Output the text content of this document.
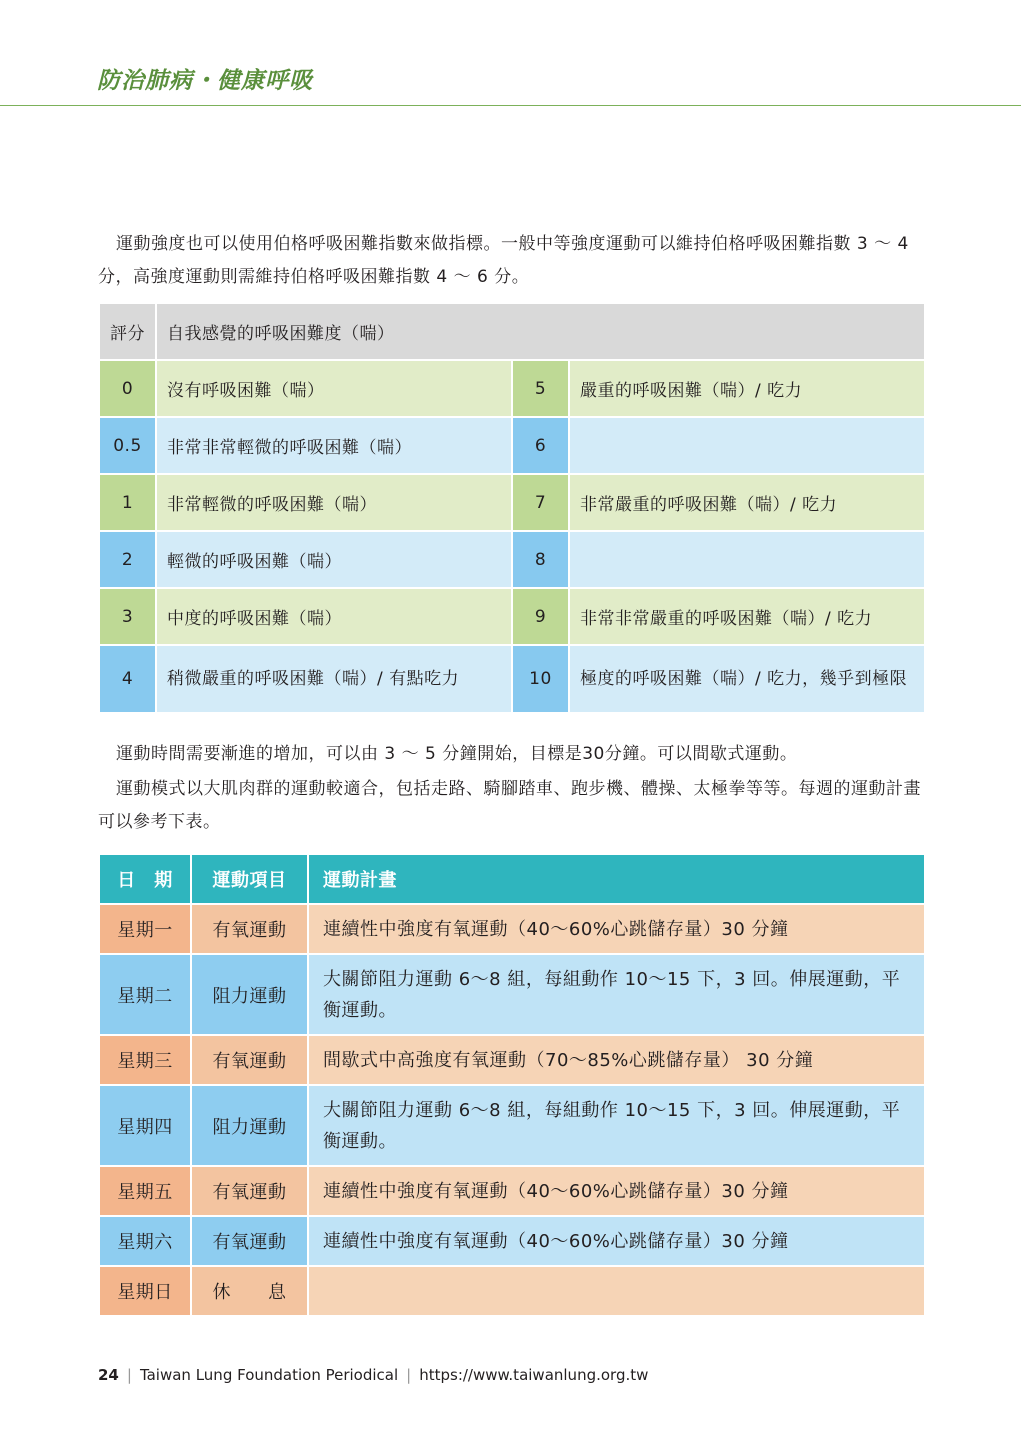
防治肺病・健康呼吸
運動強度也可以使用伯格呼吸困難指數來做指標。一般中等強度運動可以維持伯格呼吸困難指數 3 ～ 4 分，高強度運動則需維持伯格呼吸困難指數 4 ～ 6 分。
評分	自我感覺的呼吸困難度（喘）		
0	沒有呼吸困難（喘）	5	嚴重的呼吸困難（喘）/ 吃力
0.5	非常非常輕微的呼吸困難（喘）	6	
1	非常輕微的呼吸困難（喘）	7	非常嚴重的呼吸困難（喘）/ 吃力
2	輕微的呼吸困難（喘）	8	
3	中度的呼吸困難（喘）	9	非常非常嚴重的呼吸困難（喘）/ 吃力
4	稍微嚴重的呼吸困難（喘）/ 有點吃力	10	極度的呼吸困難（喘）/ 吃力，幾乎到極限
運動時間需要漸進的增加，可以由 3 ～ 5 分鐘開始，目標是30分鐘。可以間歇式運動。
運動模式以大肌肉群的運動較適合，包括走路、騎腳踏車、跑步機、體操、太極拳等等。每週的運動計畫可以參考下表。
日　期	運動項目	運動計畫
星期一	有氧運動	連續性中強度有氧運動（40～60%心跳儲存量）30 分鐘
星期二	阻力運動	大關節阻力運動 6～8 組，每組動作 10～15 下，3 回。伸展運動，平衡運動。
星期三	有氧運動	間歇式中高強度有氧運動（70～85%心跳儲存量） 30 分鐘
星期四	阻力運動	大關節阻力運動 6～8 組，每組動作 10～15 下，3 回。伸展運動，平衡運動。
星期五	有氧運動	連續性中強度有氧運動（40～60%心跳儲存量）30 分鐘
星期六	有氧運動	連續性中強度有氧運動（40～60%心跳儲存量）30 分鐘
星期日	休　　息	
24 | Taiwan Lung Foundation Periodical | https://www.taiwanlung.org.tw
